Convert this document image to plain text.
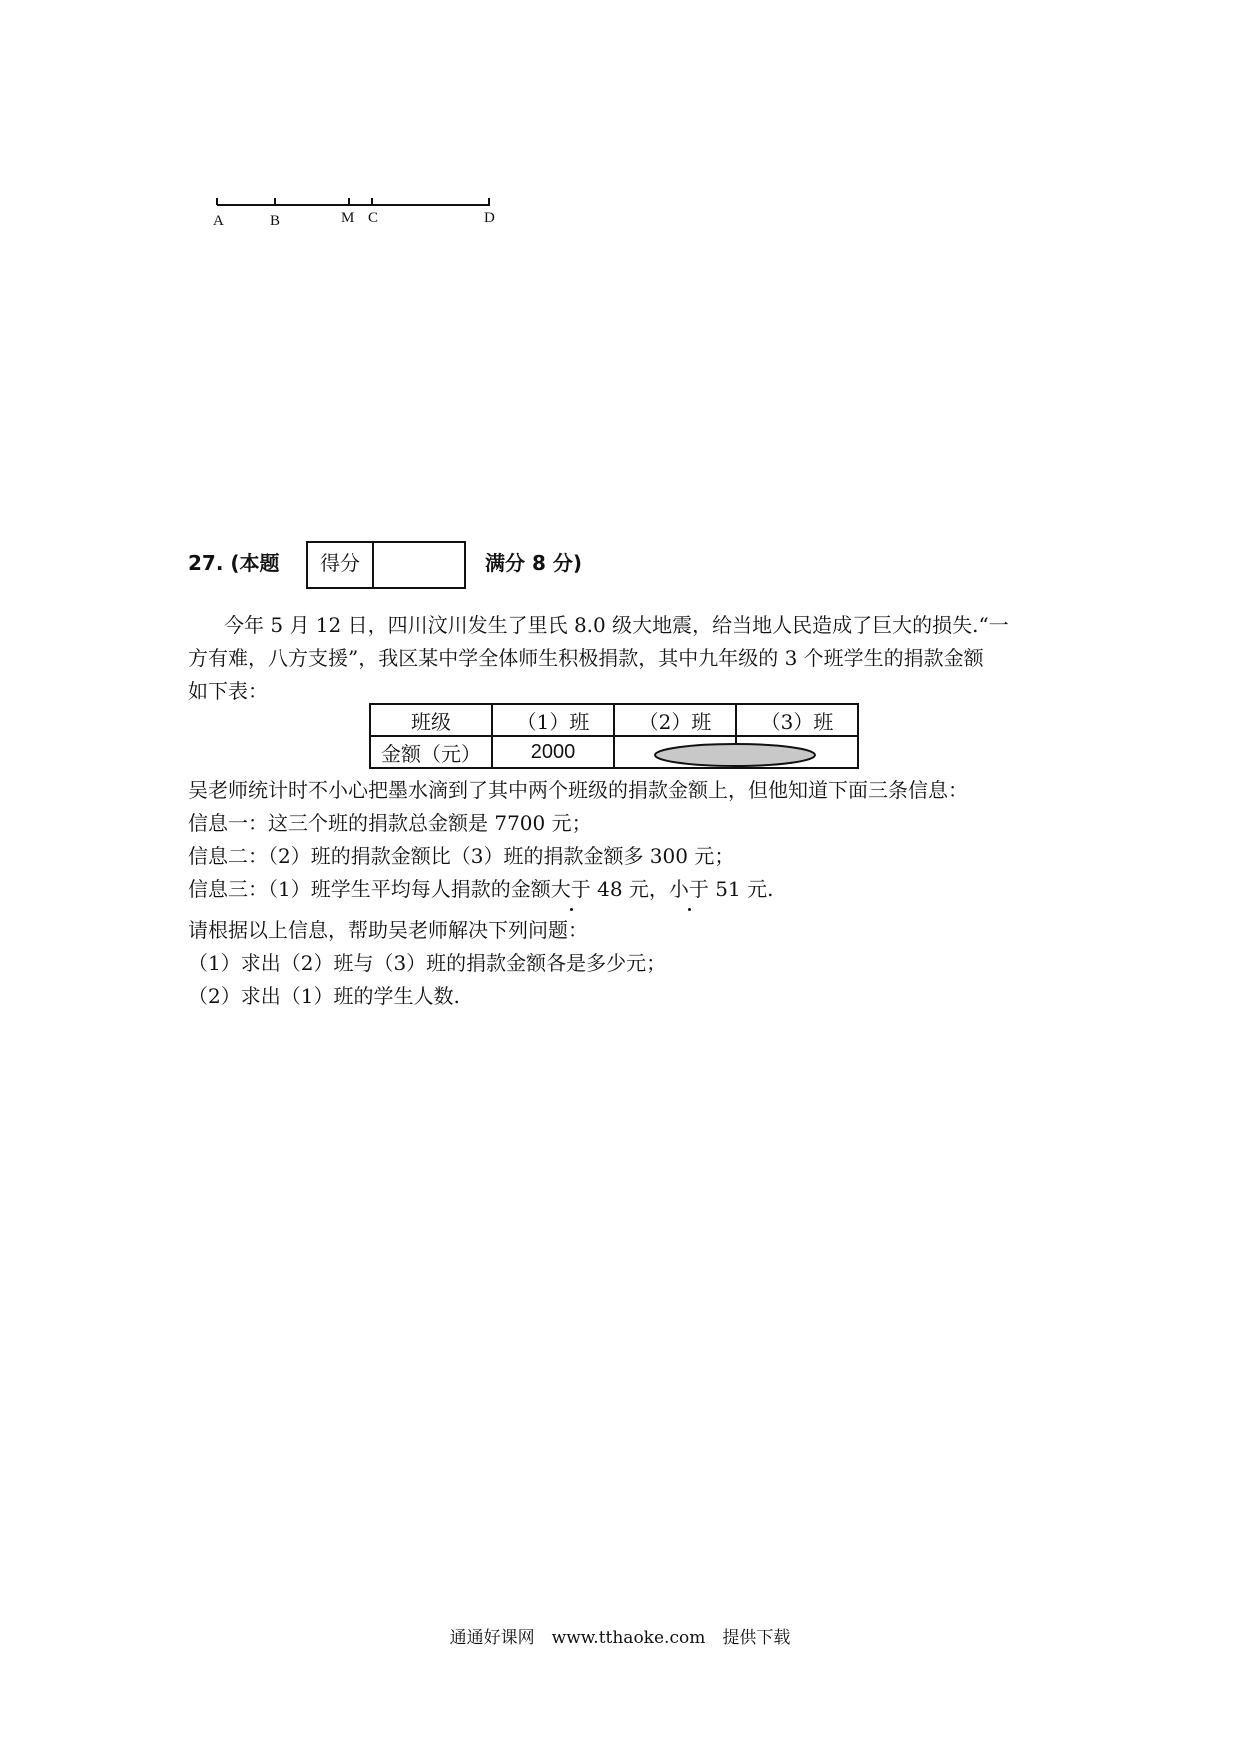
A	B	M C	D
27. (本题	得分	满分 8 分)
今年 5 月 12 日，四川汶川发生了里氏 8.0 级大地震，给当地人民造成了巨大的损失.“一
方有难，八方支援”，我区某中学全体师生积极捐款，其中九年级的 3 个班学生的捐款金额
如下表：
班级	（1）班	（2）班	（3）班
金额（元）	2000		
吴老师统计时不小心把墨水滴到了其中两个班级的捐款金额上，但他知道下面三条信息：
信息一：这三个班的捐款总金额是 7700 元；
信息二：（2）班的捐款金额比（3）班的捐款金额多 300 元；
信息三：（1）班学生平均每人捐款的金额大于 48 元，小于 51 元.
请根据以上信息，帮助吴老师解决下列问题：
（1）求出（2）班与（3）班的捐款金额各是多少元；
（2）求出（1）班的学生人数.
通通好课网　www.tthaoke.com　提供下载
